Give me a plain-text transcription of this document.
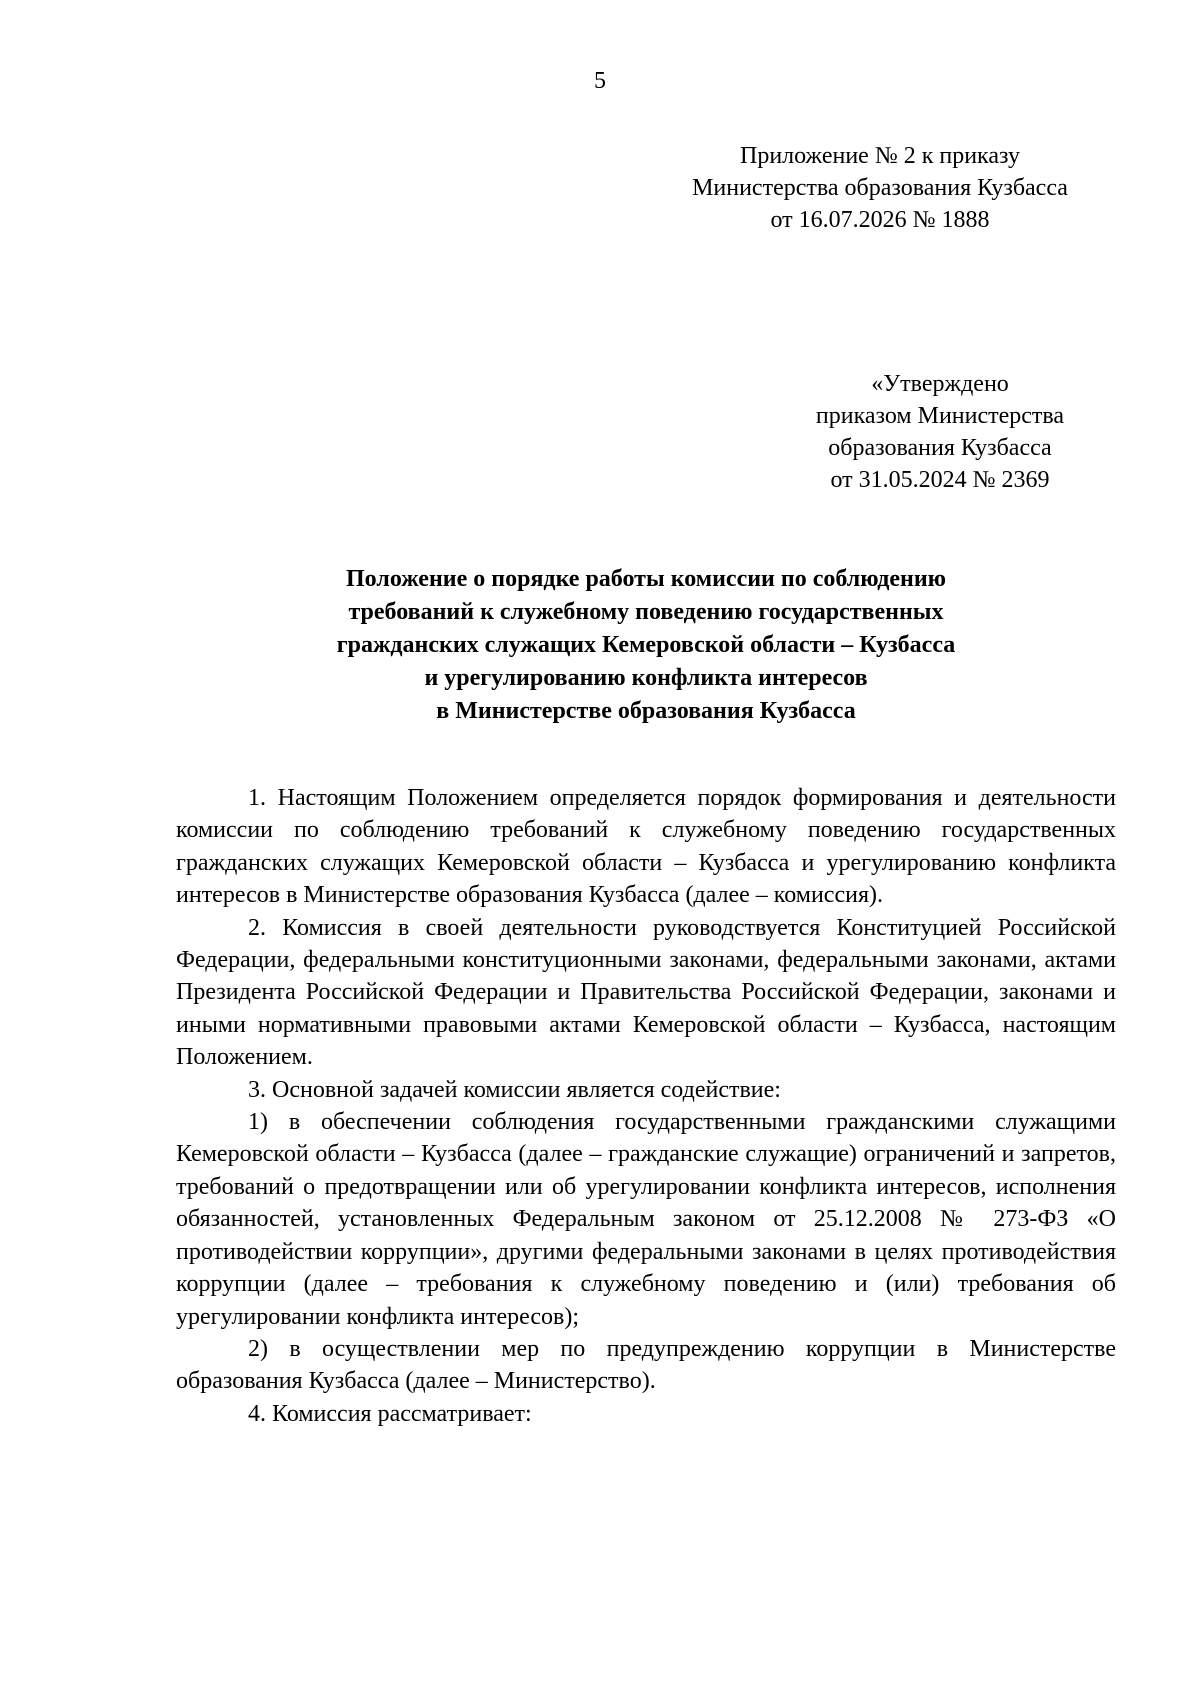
5
Приложение № 2 к приказу
Министерства образования Кузбасса
от 16.07.2026 № 1888
«Утверждено
приказом Министерства
образования Кузбасса
от 31.05.2024 № 2369
Положение о порядке работы комиссии по соблюдению
требований к служебному поведению государственных
гражданских служащих Кемеровской области – Кузбасса
и урегулированию конфликта интересов
в Министерстве образования Кузбасса

1. Настоящим Положением определяется порядок формирования и деятельности комиссии по соблюдению требований к служебному поведению государственных гражданских служащих Кемеровской области – Кузбасса и урегулированию конфликта интересов в Министерстве образования Кузбасса (далее – комиссия).

2. Комиссия в своей деятельности руководствуется Конституцией Российской Федерации, федеральными конституционными законами, федеральными законами, актами Президента Российской Федерации и Правительства Российской Федерации, законами и иными нормативными правовыми актами Кемеровской области – Кузбасса, настоящим Положением.

3. Основной задачей комиссии является содействие:

1) в обеспечении соблюдения государственными гражданскими служащими Кемеровской области – Кузбасса (далее – гражданские служащие) ограничений и запретов, требований о предотвращении или об урегулировании конфликта интересов, исполнения обязанностей, установленных Федеральным законом от 25.12.2008 № 273-ФЗ «О противодействии коррупции», другими федеральными законами в целях противодействия коррупции (далее – требования к служебному поведению и (или) требования об урегулировании конфликта интересов);

2) в осуществлении мер по предупреждению коррупции в Министерстве образования Кузбасса (далее – Министерство).

4. Комиссия рассматривает:
